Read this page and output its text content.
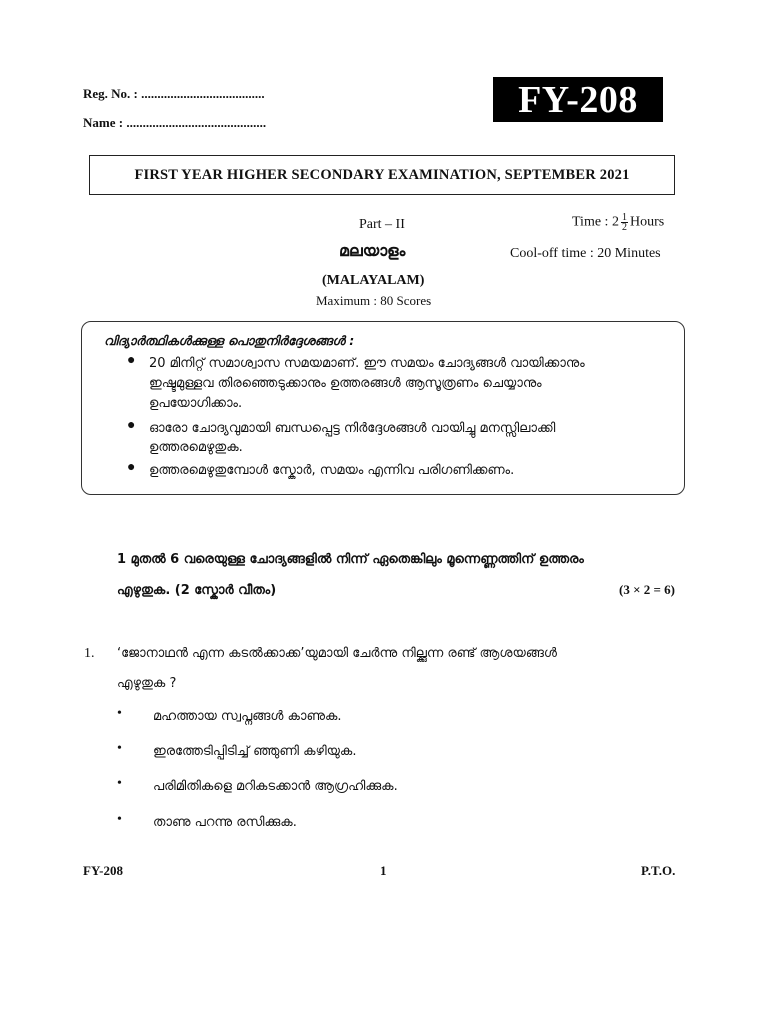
Reg. No. : ......................................
Name : ...........................................
FY-208
FIRST YEAR HIGHER SECONDARY EXAMINATION, SEPTEMBER 2021
Part – II	Time : $2 \frac{1}{2}$ Hours
മലയാളം	Cool-off time : 20 Minutes
(MALAYALAM)
Maximum : 80 Scores
വിദ്യാർത്ഥികൾക്കുള്ള പൊതുനിർദ്ദേശങ്ങൾ :
● 20 മിനിറ്റ് സമാശ്വാസ സമയമാണ്. ഈ സമയം ചോദ്യങ്ങൾ വായിക്കാനും
ഇഷ്ടമുള്ളവ തിരഞ്ഞെടുക്കാനും ഉത്തരങ്ങൾ ആസൂത്രണം ചെയ്യാനും
ഉപയോഗിക്കാം.
● ഓരോ ചോദ്യവുമായി ബന്ധപ്പെട്ട നിർദ്ദേശങ്ങൾ വായിച്ചു മനസ്സിലാക്കി
ഉത്തരമെഴുതുക.
● ഉത്തരമെഴുതുമ്പോൾ സ്കോർ, സമയം എന്നിവ പരിഗണിക്കണം.
1 മുതൽ 6 വരെയുള്ള ചോദ്യങ്ങളിൽ നിന്ന് ഏതെങ്കിലും മൂന്നെണ്ണത്തിന് ഉത്തരം
എഴുതുക. (2 സ്കോർ വീതം)	(3 × 2 = 6)
1. ‘ജോനാഥൻ എന്ന കടൽക്കാക്ക’യുമായി ചേർന്നു നില്ക്കുന്ന രണ്ട് ആശയങ്ങൾ
എഴുതുക ?
• മഹത്തായ സ്വപ്നങ്ങൾ കാണുക.
• ഇരത്തേടിപ്പിടിച്ച് ഞ്ഞുണി കഴിയുക.
• പരിമിതികളെ മറികടക്കാൻ ആഗ്രഹിക്കുക.
• താണു പറന്നു രസിക്കുക.
FY-208	1	P.T.O.
